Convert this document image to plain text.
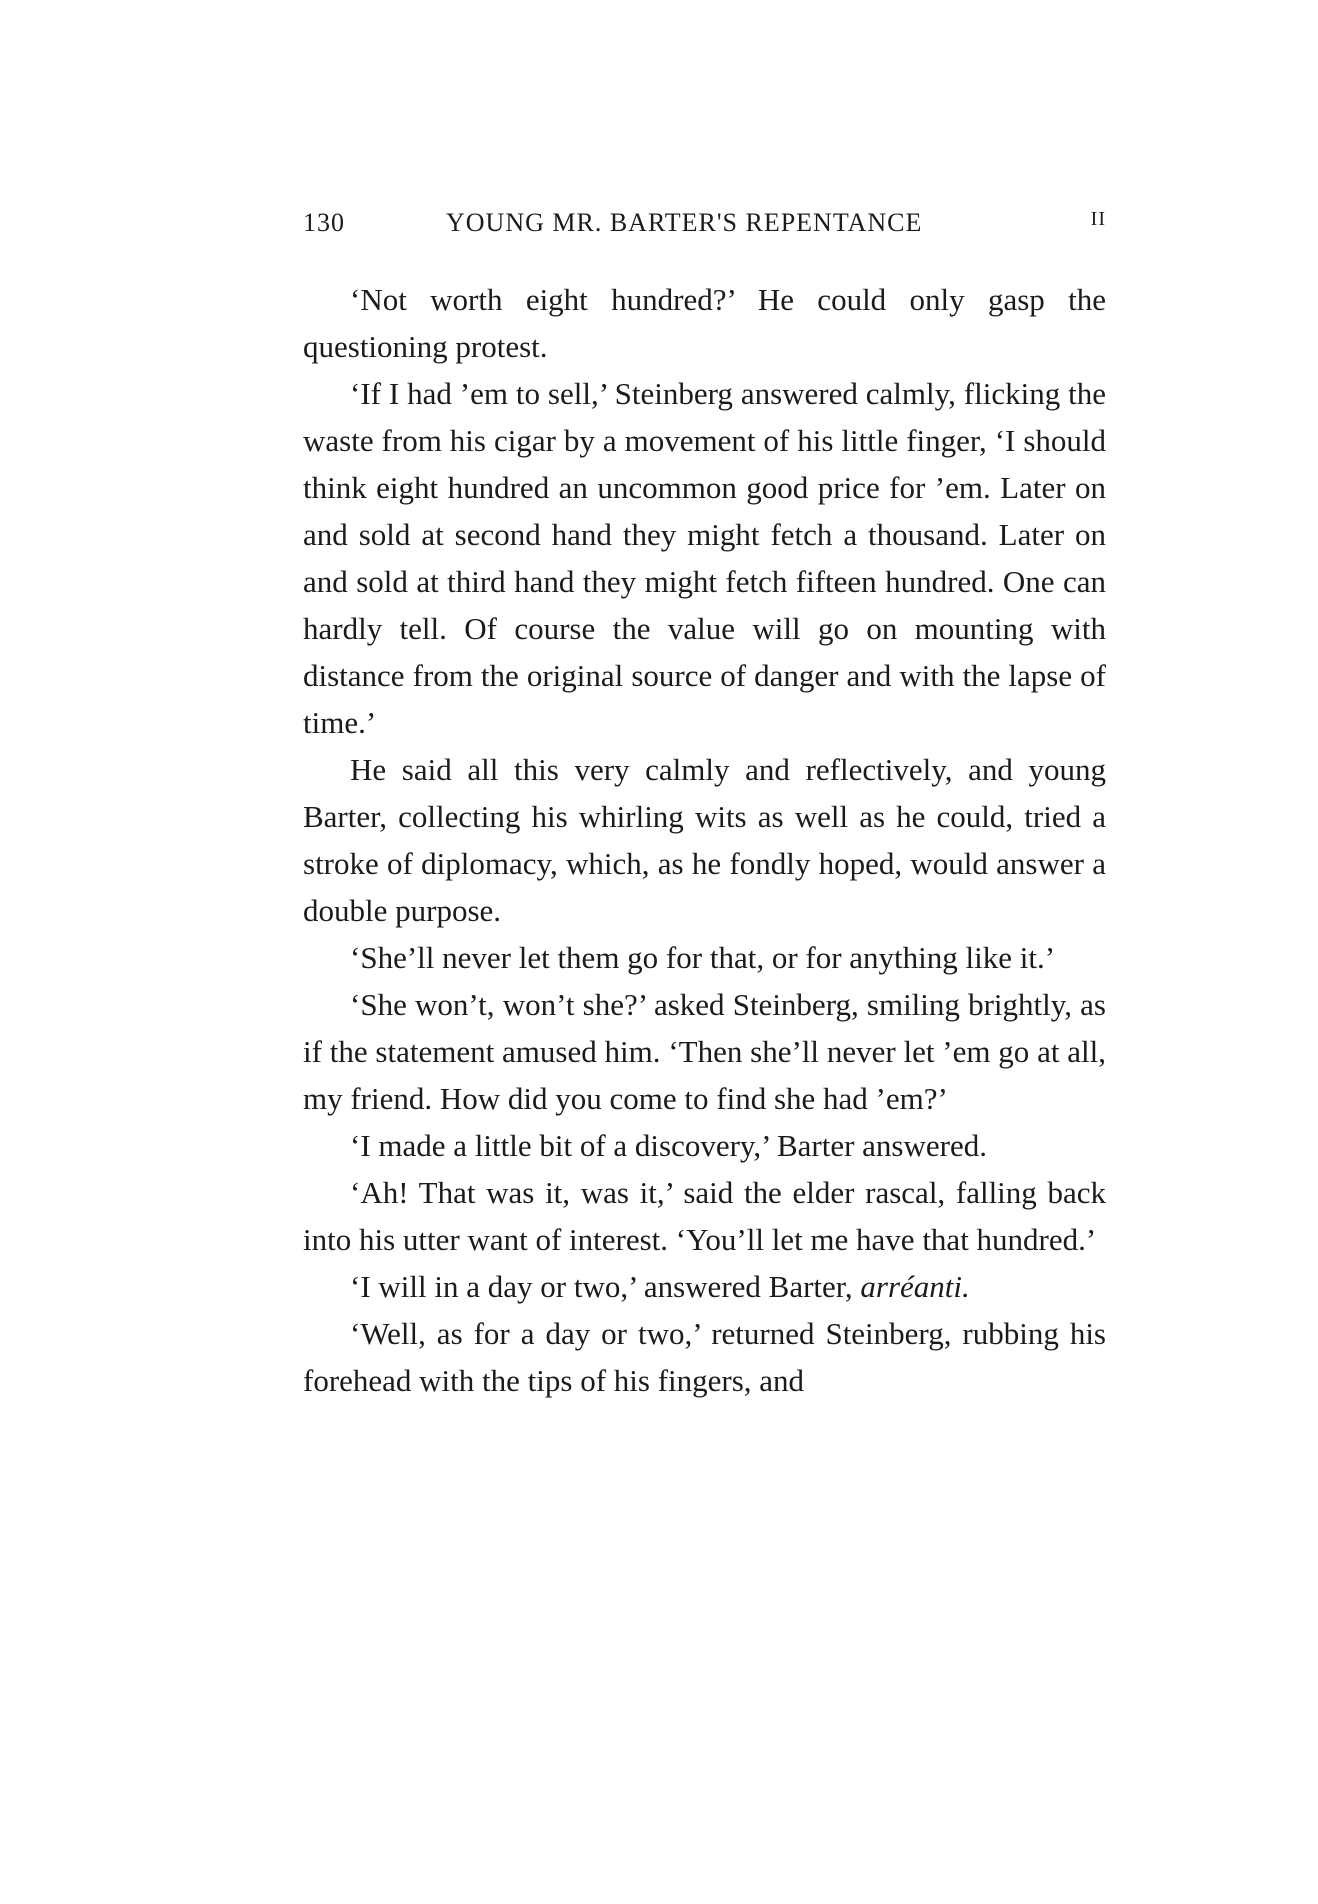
130	YOUNG MR. BARTER'S REPENTANCE	II

‘Not worth eight hundred?’ He could only gasp the questioning protest.

‘If I had ’em to sell,’ Steinberg answered calmly, flicking the waste from his cigar by a movement of his little finger, ‘I should think eight hundred an uncommon good price for ’em. Later on and sold at second hand they might fetch a thousand. Later on and sold at third hand they might fetch fifteen hundred. One can hardly tell. Of course the value will go on mounting with distance from the original source of danger and with the lapse of time.’

He said all this very calmly and reflectively, and young Barter, collecting his whirling wits as well as he could, tried a stroke of diplomacy, which, as he fondly hoped, would answer a double purpose.

‘She’ll never let them go for that, or for anything like it.’

‘She won’t, won’t she?’ asked Steinberg, smiling brightly, as if the statement amused him. ‘Then she’ll never let ’em go at all, my friend. How did you come to find she had ’em?’

‘I made a little bit of a discovery,’ Barter answered.

‘Ah! That was it, was it,’ said the elder rascal, falling back into his utter want of interest. ‘You’ll let me have that hundred.’

‘I will in a day or two,’ answered Barter, arréanti.

‘Well, as for a day or two,’ returned Steinberg, rubbing his forehead with the tips of his fingers, and
